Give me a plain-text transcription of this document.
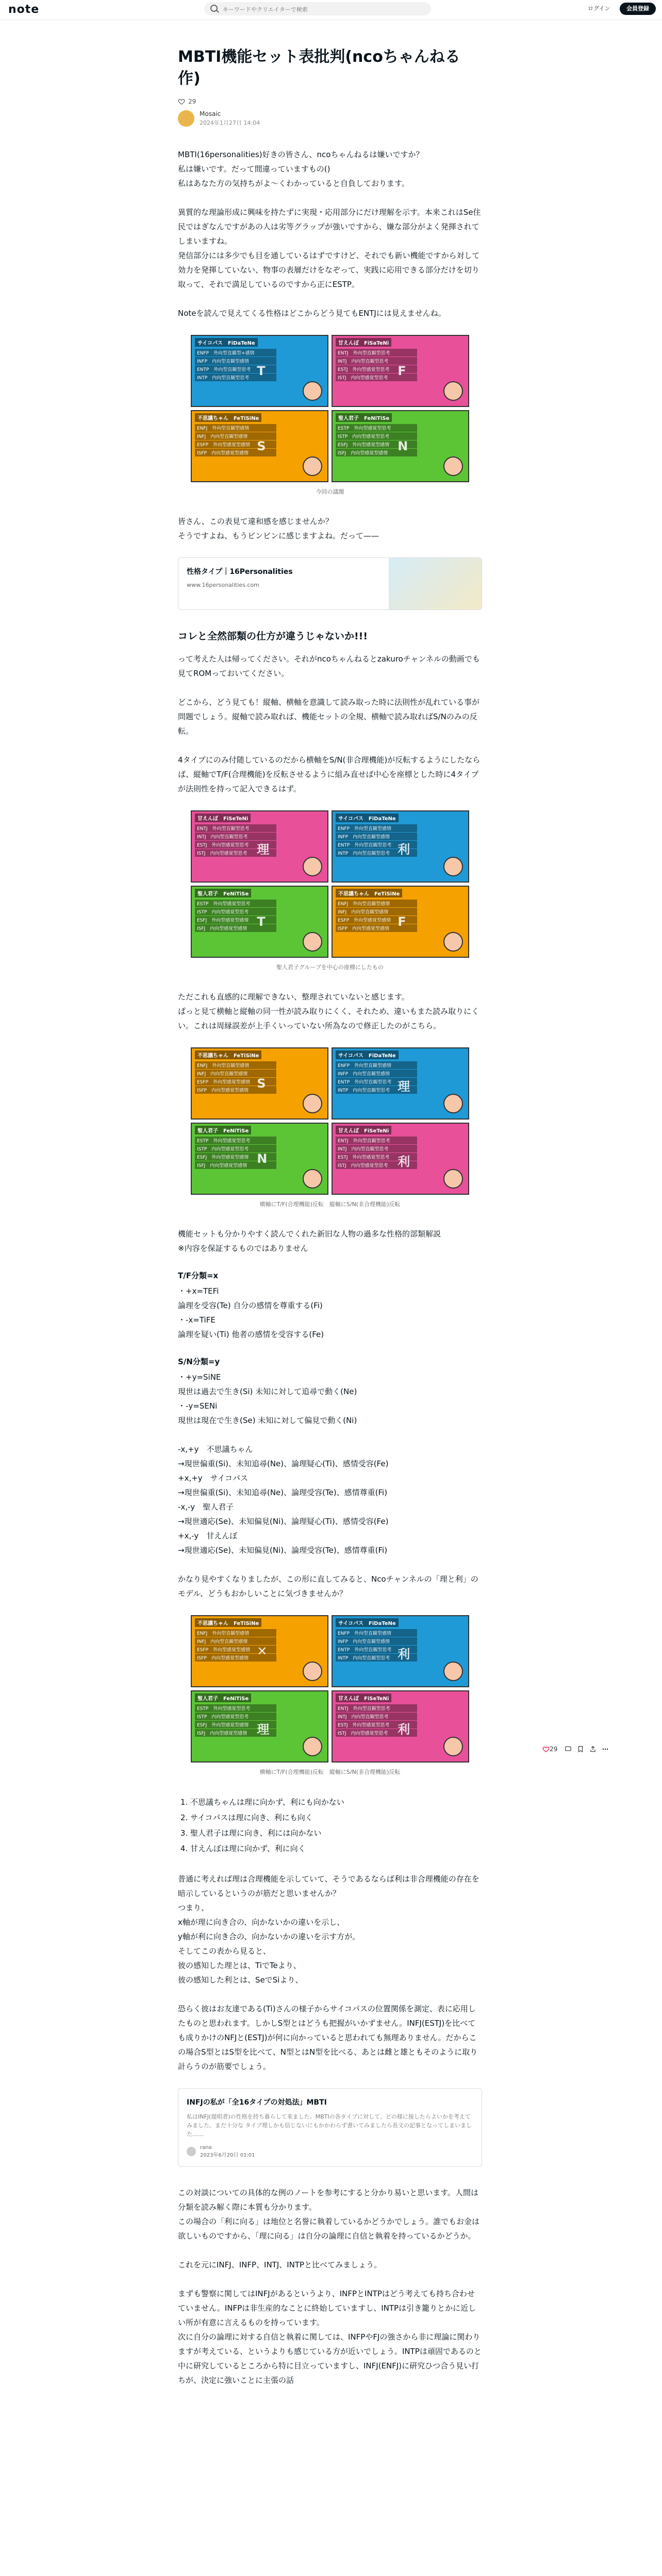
note
キーワードやクリエイターで検索	ログイン	会員登録
MBTI機能セット表批判(ncoちゃんねる作)
29
Mosaic
2024年1月27日 14:04

MBTI(16personalities)好きの皆さん、ncoちゃんねるは嫌いですか？
私は嫌いです。だって間違っていますもの()
私はあなた方の気持ちがよ〜くわかっていると自負しております。

異質的な理論形成に興味を持たずに実現・応用部分にだけ理解を示す。本来これはSe住民ではぎなんですがあの人は劣等グラップが強いですから、嫌な部分がよく発揮されてしまいますね。
発信部分には多少でも目を通しているはずですけど、それでも新い機能ですから対して効力を発揮していない、物事の表層だけをなぞって、実践に応用できる部分だけを切り取って、それで満足しているのですから正にESTP。

Noteを読んで見えてくる性格はどこからどう見てもENTJには見えませんね。

サイコパス　FiDaTeNe
ENFP　外向型直観型+感情
INFP　内向型直観型感情
ENTP　外向型直観型思考
INTP　内向型直観型思考 T
甘えんぼ　FiSaTeNi
ENTJ　外向型直観型思考
INTJ　内向型直観型思考
ESTJ　外向型感覚型思考
ISTJ　内向型感覚型思考 F
不思議ちゃん　FeTiSiNe
ENFJ　外向型直観型感情
INFJ　内向型直観型感情
ESFP　外向型感覚型感情
ISFP　内向型感覚型感情 S
聖人君子　FeNiTiSe
ESTP　外向型感覚型思考
ISTP　内向型感覚型思考
ESFJ　外向型感覚型感情
ISFJ　内向型感覚型感情 N
今回の議題

皆さん、この表見て違和感を感じませんか？
そうですよね、もうビンビンに感じますよね。だって——

性格タイプ｜16Personalities
www.16personalities.com
コレと全然部類の仕方が違うじゃないか!!!

って考えた人は帰ってください。それがncoちゃんねるとzakuroチャンネルの動画でも見てROMっておいてください。

どこから、どう見ても！縦軸、横軸を意識して読み取った時に法則性が乱れている事が問題でしょう。縦軸で読み取れば、機能セットの全規、横軸で読み取ればS/Nのみの反転。

4タイプにのみ付随しているのだから横軸をS/N(非合理機能)が反転するようにしたならば、縦軸でT/F(合理機能)を反転させるように組み直せば中心を座標とした時に4タイプが法則性を持って記入できるはず。

甘えんぼ　FiSeTeNi
ENTJ　外向型直観型思考
INTJ　内向型直観型思考
ESTJ　外向型感覚型思考
ISTJ　内向型感覚型思考 理
サイコパス　FiDaTeNe
ENFP　外向型直観型感情
INFP　内向型直観型感情
ENTP　外向型直観型思考
INTP　内向型直観型思考 利
聖人君子　FeNiTiSe
ESTP　外向型感覚型思考
ISTP　内向型感覚型思考
ESFJ　外向型感覚型感情
ISFJ　内向型感覚型感情 T
不思議ちゃん　FeTiSiNe
ENFJ　外向型直観型感情
INFJ　内向型直観型感情
ESFP　外向型感覚型感情
ISFP　内向型感覚型感情 F
聖人君子グループを中心の座標にしたもの

ただこれも直感的に理解できない、整理されていないと感じます。
ぱっと見て横軸と縦軸の同一性が読み取りにくく、それため、違いもまた読み取りにくい。これは周縁誤差が上手くいっていない所為なので修正したのがこちら。

不思議ちゃん　FeTiSiNe
ENFJ　外向型直観型感情
INFJ　内向型直観型感情
ESFP　外向型感覚型感情
ISFP　内向型感覚型感情 S
サイコパス　FiDaTeNe
ENFP　外向型直観型感情
INFP　内向型直観型感情
ENTP　外向型直観型思考
INTP　内向型直観型思考 理
聖人君子　FeNiTiSe
ESTP　外向型感覚型思考
ISTP　内向型感覚型思考
ESFJ　外向型感覚型感情
ISFJ　内向型感覚型感情 N
甘えんぼ　FiSeTeNi
ENTJ　外向型直観型思考
INTJ　内向型直観型思考
ESTJ　外向型感覚型思考
ISTJ　内向型感覚型思考 利
横軸にT/F(合理機能)反転　縦軸にS/N(非合理機能)反転

機能セットも分かりやすく読んでくれた新旧な人物の過多な性格的部類解説
※内容を保証するものではありません

T/F分類=x

・+x=TEFi
論理を受容(Te) 自分の感情を尊重する(Fi)
・-x=TiFE
論理を疑い(Ti) 他者の感情を受容する(Fe)

S/N分類=y

・+y=SiNE
現世は過去で生き(Si) 未知に対して追尋で動く(Ne)
・-y=SENi
現世は現在で生き(Se) 未知に対して偏見で動く(Ni)

-x,+y　不思議ちゃん
→現世偏重(Si)、未知追尋(Ne)、論理疑心(Ti)、感情受容(Fe)
+x,+y　サイコパス
→現世偏重(Si)、未知追尋(Ne)、論理受容(Te)、感情尊重(Fi)
-x,-y　聖人君子
→現世適応(Se)、未知偏見(Ni)、論理疑心(Ti)、感情受容(Fe)
+x,-y　甘えんぼ
→現世適応(Se)、未知偏見(Ni)、論理受容(Te)、感情尊重(Fi)

かなり見やすくなりましたが、この形に直してみると、Ncoチャンネルの「理と利」のモデル、どうもおかしいことに気づきませんか？

不思議ちゃん　FeTiSiNe
ENFJ　外向型直観型感情
INFJ　内向型直観型感情
ESFP　外向型感覚型感情
ISFP　内向型感覚型感情 ✕
サイコパス　FiDaTeNe
ENFP　外向型直観型感情
INFP　内向型直観型感情
ENTP　外向型直観型思考
INTP　内向型直観型思考 利
聖人君子　FeNiTiSe
ESTP　外向型感覚型思考
ISTP　内向型感覚型思考
ESFJ　外向型感覚型感情
ISFJ　内向型感覚型感情 理
甘えんぼ　FiSeTeNi
ENTJ　外向型直観型思考
INTJ　内向型直観型思考
ESTJ　外向型感覚型思考
ISTJ　内向型感覚型思考 利
横軸にT/F(合理機能)反転　縦軸にS/N(非合理機能)反転
1. 不思議ちゃんは理に向かず、利にも向かない
2. サイコパスは理に向き、利にも向く
3. 聖人君子は理に向き、利には向かない
4. 甘えんぼは理に向かず、利に向く

普通に考えれば理は合理機能を示していて、そうであるならば利は非合理機能の存在を暗示しているというのが筋だと思いませんか？
つまり、
x軸が理に向き合の、向かないかの違いを示し、
y軸が利に向き合の、向かないかの違いを示す方が。
そしてこの表から見ると、
彼の感知した理とは、TiでTeより、
彼の感知した利とは、SeでSiより、

恐らく彼はお友達である(Ti)さんの様子からサイコパスの位置関係を測定、表に応用したものと思われます。しかしS型とはどうも把握がいかずません。INFJ(ESTJ)を比べても成りかけのNFJと(ESTJ)が何に向かっていると思われても無理ありません。だからこの場合S型とはS型を比べて、N型とはN型を比べる、あとは雌と雄ともそのように取り計らうのが筋要でしょう。

INFJの私が「全16タイプの対処法」MBTI
私はINFJ(提唱者)の性格を持ち暮らして来ました。MBTIの各タイプに対して、どの様に接したらよいかを考えてみました。まだ十分な タイプ理しかも信じないにもかかわらず書いてみましたら長文の記事となってしまいました……
rana
2023年6月20日 01:01

この対談についての具体的な例のノートを参考にすると分かり易いと思います。人間は分類を読み解く際に本質も分かります。
この場合の「利に向る」は地位と名誉に執着しているかどうかでしょう。誰でもお金は欲しいものですから、「理に向る」は自分の論理に自信と執着を持っているかどうか。

これを元にINFJ、INFP、INTJ、INTPと比べてみましょう。

まずも警察に関してはINFJがあるというより、INFPとINTPはどう考えても持ち合わせていません。INFPは非生産的なことに終始していますし、INTPは引き籠りとかに近しい所が有意に言えるものを持っています。
次に自分の論理に対する自信と執着に関しては、INFPやFJの強さから非に理論に関わりますが考えている、というよりも感じている方が近いでしょう。INTPは頑固であるのと中に研究しているところから特に目立っていますし、INFJ(ENFJ)に研究ひつ合う見い打ちが、決定に強いことに主張の話

29
